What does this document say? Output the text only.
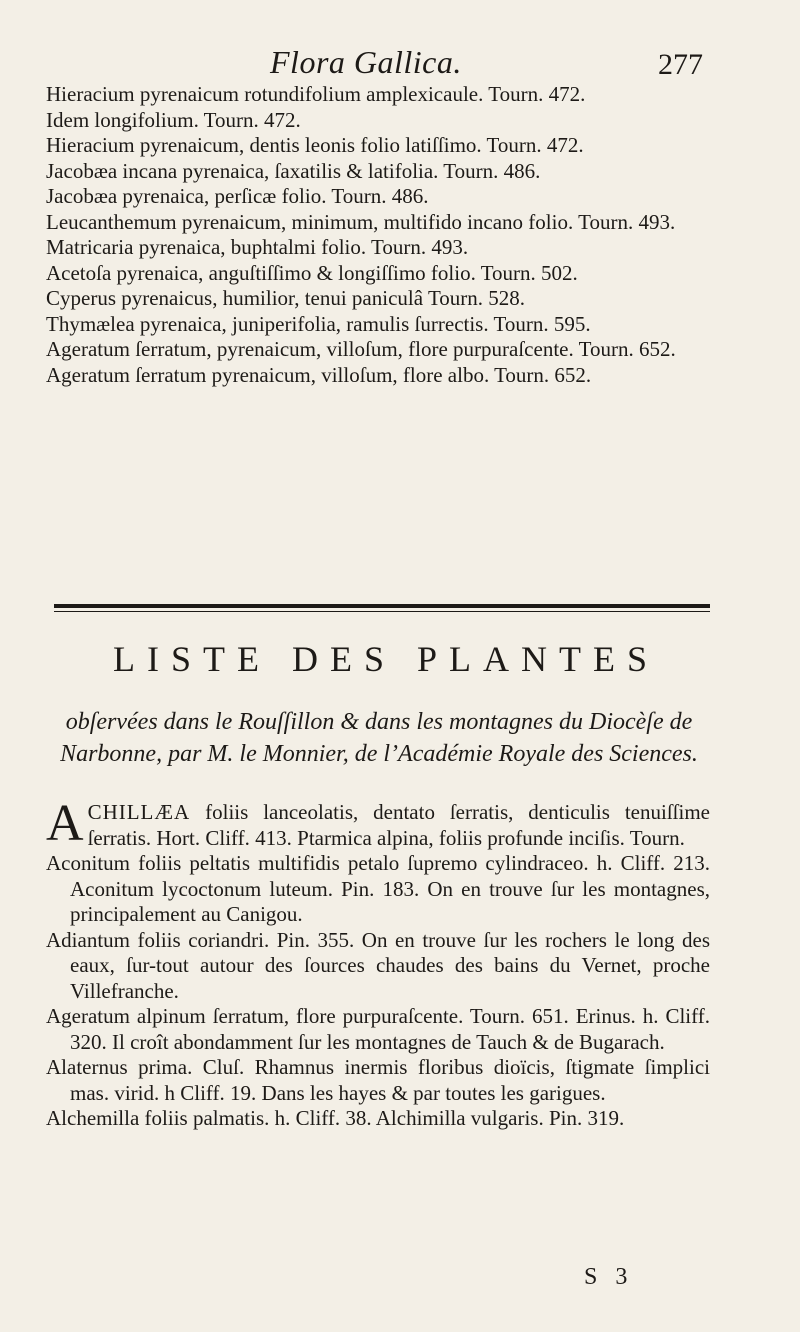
Flora Gallica.	277
Hieracium pyrenaicum rotundifolium amplexicaule. Tourn. 472.
Idem longifolium. Tourn. 472.
Hieracium pyrenaicum, dentis leonis folio latiſſimo. Tourn. 472.
Jacobæa incana pyrenaica, ſaxatilis & latifolia. Tourn. 486.
Jacobæa pyrenaica, perſicæ folio. Tourn. 486.
Leucanthemum pyrenaicum, minimum, multifido incano folio. Tourn. 493.
Matricaria pyrenaica, buphtalmi folio. Tourn. 493.
Acetoſa pyrenaica, anguſtiſſimo & longiſſimo folio. Tourn. 502.
Cyperus pyrenaicus, humilior, tenui paniculâ Tourn. 528.
Thymælea pyrenaica, juniperifolia, ramulis ſurrectis. Tourn. 595.
Ageratum ſerratum, pyrenaicum, villoſum, flore purpuraſcente. Tourn. 652.
Ageratum ſerratum pyrenaicum, villoſum, flore albo. Tourn. 652.
LISTE DES PLANTES
obſervées dans le Rouſſillon & dans les montagnes du Diocèſe de Narbonne, par M. le Monnier, de l’Académie Royale des Sciences.
ACHILLÆA foliis lanceolatis, dentato ſerratis, denticulis tenuiſſime ſerratis. Hort. Cliff. 413. Ptarmica alpina, foliis profunde inciſis. Tourn.
Aconitum foliis peltatis multifidis petalo ſupremo cylindraceo. h. Cliff. 213. Aconitum lycoctonum luteum. Pin. 183. On en trouve ſur les montagnes, principalement au Canigou.
Adiantum foliis coriandri. Pin. 355. On en trouve ſur les rochers le long des eaux, ſur-tout autour des ſources chaudes des bains du Vernet, proche Villefranche.
Ageratum alpinum ſerratum, flore purpuraſcente. Tourn. 651. Erinus. h. Cliff. 320. Il croît abondamment ſur les montagnes de Tauch & de Bugarach.
Alaternus prima. Cluſ. Rhamnus inermis floribus dioïcis, ſtigmate ſimplici mas. virid. h Cliff. 19. Dans les hayes & par toutes les garigues.
Alchemilla foliis palmatis. h. Cliff. 38. Alchimilla vulgaris. Pin. 319.
S 3
